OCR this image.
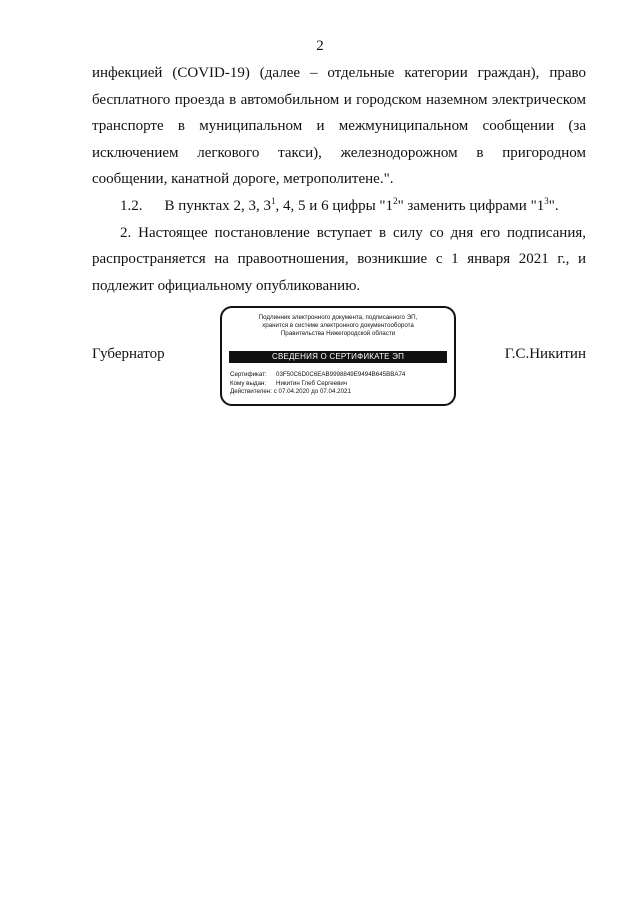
2

инфекцией (COVID-19) (далее – отдельные категории граждан), право бесплатного проезда в автомобильном и городском наземном электрическом транспорте в муниципальном и межмуниципальном сообщении (за исключением легкового такси), железнодорожном в пригородном сообщении, канатной дороге, метрополитене.".

1.2. В пунктах 2, 3, $3^1$, 4, 5 и 6 цифры "$1^2$" заменить цифрами "$1^3$".

2. Настоящее постановление вступает в силу со дня его подписания, распространяется на правоотношения, возникшие с 1 января 2021 г., и подлежит официальному опубликованию.

Губернатор
Подлинник электронного документа, подписанного ЭП,
хранится в системе электронного документооборота
Правительства Нижегородской области
СВЕДЕНИЯ О СЕРТИФИКАТЕ ЭП
Сертификат: 03F50C6D0C6EAB9998849E9494B645BBA74
Кому выдан: Никитин Глеб Сергеевич
Действителен: с 07.04.2020 до 07.04.2021
Г.С.Никитин
